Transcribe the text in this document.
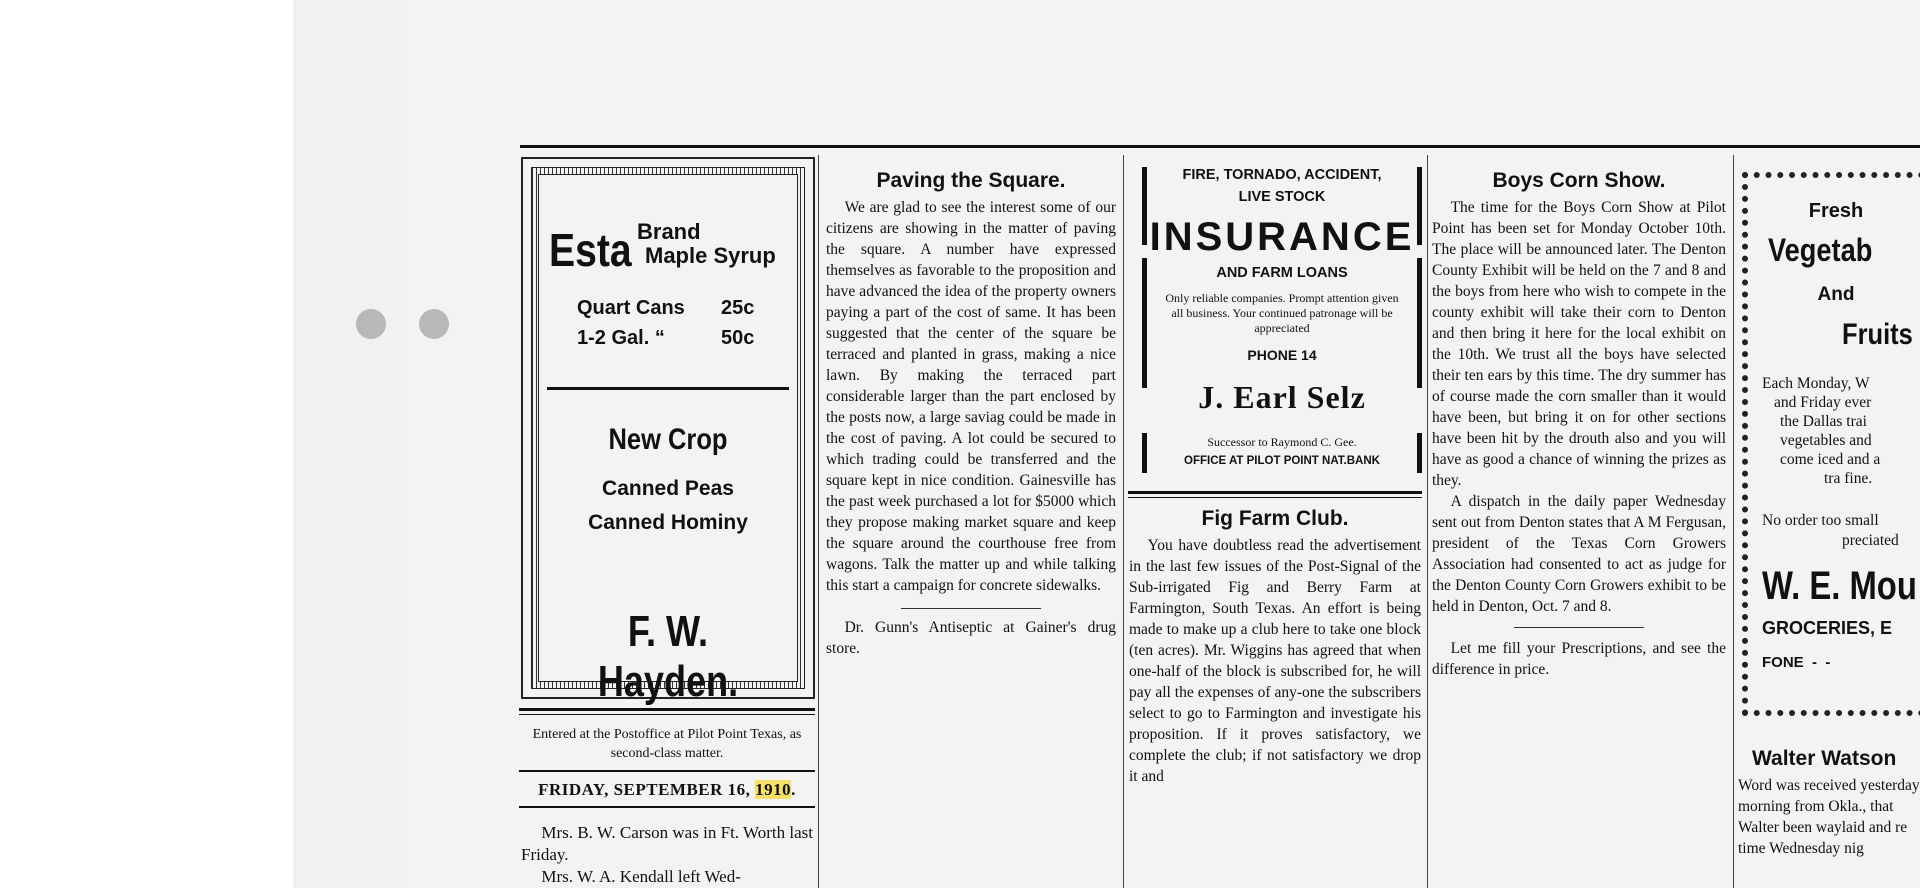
Esta Brand
Maple Syrup
Quart Cans 25c
1-2 Gal. “	50c
New Crop
Canned Peas
Canned Hominy
F. W. Hayden.
Entered at the Postoffice at Pilot Point Texas, as second-class matter.
FRIDAY, SEPTEMBER 16, 1910.

Mrs. B. W. Carson was in Ft. Worth last Friday.

Mrs. W. A. Kendall left Wed-

Paving the Square.

We are glad to see the interest some of our citizens are showing in the matter of paving the square. A number have expressed themselves as favorable to the proposition and have advanced the idea of the property owners paying a part of the cost of same. It has been suggested that the center of the square be terraced and planted in grass, making a nice lawn. By making the terraced part considerable larger than the part enclosed by the posts now, a large saviag could be made in the cost of paving. A lot could be secured to which trading could be transferred and the square kept in nice condition. Gainesville has the past week purchased a lot for $5000 which they propose making market square and keep the square around the courthouse free from wagons. Talk the matter up and while talking this start a campaign for concrete sidewalks.

Dr. Gunn's Antiseptic at Gainer's drug store.

FIRE, TORNADO, ACCIDENT,
LIVE STOCK
INSURANCE
AND FARM LOANS
Only reliable companies. Prompt attention given all business. Your continued patronage will be appreciated
PHONE 14
J. Earl Selz
Successor to Raymond C. Gee.
OFFICE AT PILOT POINT NAT.BANK
Fig Farm Club.

You have doubtless read the advertisement in the last few issues of the Post-Signal of the Sub-irrigated Fig and Berry Farm at Farmington, South Texas. An effort is being made to make up a club here to take one block (ten acres). Mr. Wiggins has agreed that when one-half of the block is subscribed for, he will pay all the expenses of any-one the subscribers select to go to Farmington and investigate his proposition. If it proves satisfactory, we complete the club; if not satisfactory we drop it and

Boys Corn Show.

The time for the Boys Corn Show at Pilot Point has been set for Monday October 10th. The place will be announced later. The Denton County Exhibit will be held on the 7 and 8 and the boys from here who wish to compete in the county exhibit will take their corn to Denton and then bring it here for the local exhibit on the 10th. We trust all the boys have selected their ten ears by this time. The dry summer has of course made the corn smaller than it would have been, but bring it on for other sections have been hit by the drouth also and you will have as good a chance of winning the prizes as they.

A dispatch in the daily paper Wednesday sent out from Denton states that A M Fergusan, president of the Texas Corn Growers Association had consented to act as judge for the Denton County Corn Growers exhibit to be held in Denton, Oct. 7 and 8.

Let me fill your Prescriptions, and see the difference in price.

Fresh
Vegetab
And
Fruits
Each Monday, W
and Friday ever
the Dallas trai
vegetables and
come iced and a
tra fine.
No order too small
preciated
W. E. Mou
GROCERIES, E
FONE  -  -
Walter Watson
Word was received yesterday morning from Okla., that Walter been waylaid and re time Wednesday nig
